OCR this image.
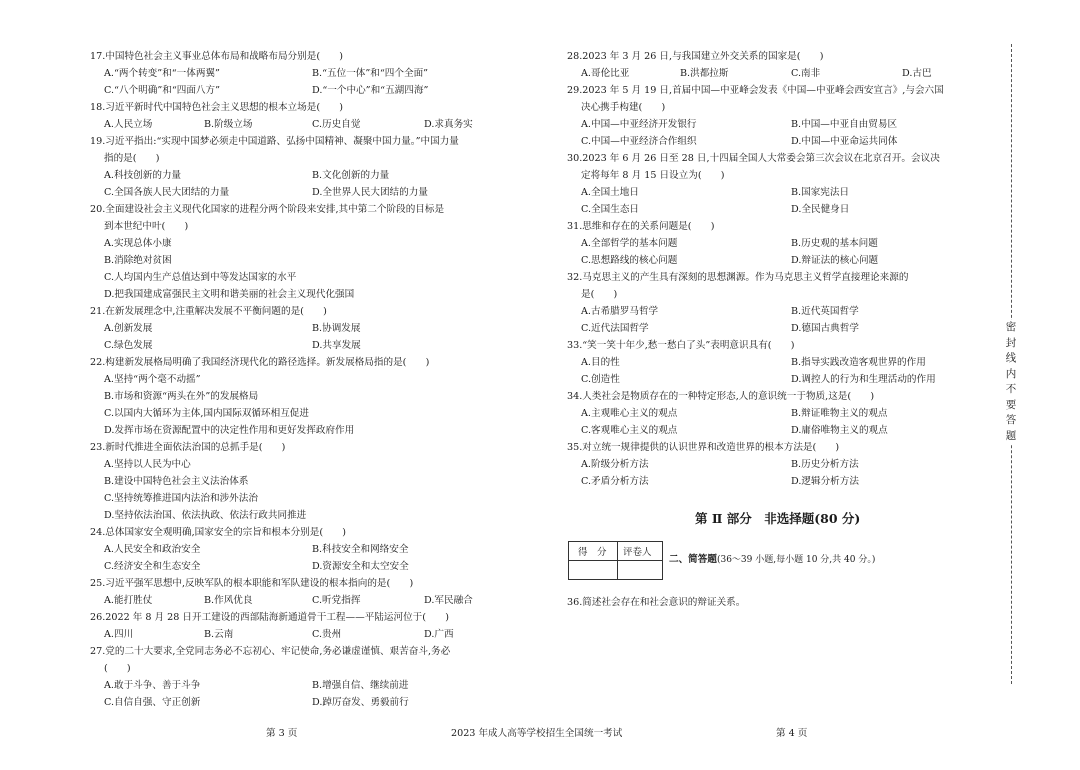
17.中国特色社会主义事业总体布局和战略布局分别是(　　)
A.“两个转变”和“一体两翼”	B.“五位一体”和“四个全面”
C.“八个明确”和“四面八方”	D.“一个中心”和“五湖四海”
18.习近平新时代中国特色社会主义思想的根本立场是(　　)
A.人民立场	B.阶级立场	C.历史自觉	D.求真务实
19.习近平指出:“实现中国梦必须走中国道路、弘扬中国精神、凝聚中国力量。”中国力量
指的是(　　)
A.科技创新的力量	B.文化创新的力量
C.全国各族人民大团结的力量	D.全世界人民大团结的力量
20.全面建设社会主义现代化国家的进程分两个阶段来安排,其中第二个阶段的目标是
到本世纪中叶(　　)
A.实现总体小康
B.消除绝对贫困
C.人均国内生产总值达到中等发达国家的水平
D.把我国建成富强民主文明和谐美丽的社会主义现代化强国
21.在新发展理念中,注重解决发展不平衡问题的是(　　)
A.创新发展	B.协调发展
C.绿色发展	D.共享发展
22.构建新发展格局明确了我国经济现代化的路径选择。新发展格局指的是(　　)
A.坚持“两个毫不动摇”
B.市场和资源“两头在外”的发展格局
C.以国内大循环为主体,国内国际双循环相互促进
D.发挥市场在资源配置中的决定性作用和更好发挥政府作用
23.新时代推进全面依法治国的总抓手是(　　)
A.坚持以人民为中心
B.建设中国特色社会主义法治体系
C.坚持统筹推进国内法治和涉外法治
D.坚持依法治国、依法执政、依法行政共同推进
24.总体国家安全观明确,国家安全的宗旨和根本分别是(　　)
A.人民安全和政治安全	B.科技安全和网络安全
C.经济安全和生态安全	D.资源安全和太空安全
25.习近平强军思想中,反映军队的根本职能和军队建设的根本指向的是(　　)
A.能打胜仗	B.作风优良	C.听党指挥	D.军民融合
26.2022 年 8 月 28 日开工建设的西部陆海新通道骨干工程——平陆运河位于(　　)
A.四川	B.云南	C.贵州	D.广西
27.党的二十大要求,全党同志务必不忘初心、牢记使命,务必谦虚谨慎、艰苦奋斗,务必
(　　)
A.敢于斗争、善于斗争	B.增强自信、继续前进
C.自信自强、守正创新	D.踔厉奋发、勇毅前行
28.2023 年 3 月 26 日,与我国建立外交关系的国家是(　　)
A.哥伦比亚	B.洪都拉斯	C.南非	D.古巴
29.2023 年 5 月 19 日,首届中国—中亚峰会发表《中国—中亚峰会西安宣言》,与会六国
决心携手构建(　　)
A.中国—中亚经济开发银行	B.中国—中亚自由贸易区
C.中国—中亚经济合作组织	D.中国—中亚命运共同体
30.2023 年 6 月 26 日至 28 日,十四届全国人大常委会第三次会议在北京召开。会议决
定将每年 8 月 15 日设立为(　　)
A.全国土地日	B.国家宪法日
C.全国生态日	D.全民健身日
31.思维和存在的关系问题是(　　)
A.全部哲学的基本问题	B.历史观的基本问题
C.思想路线的核心问题	D.辩证法的核心问题
32.马克思主义的产生具有深刻的思想渊源。作为马克思主义哲学直接理论来源的
是(　　)
A.古希腊罗马哲学	B.近代英国哲学
C.近代法国哲学	D.德国古典哲学
33.“笑一笑十年少,愁一愁白了头”表明意识具有(　　)
A.目的性	B.指导实践改造客观世界的作用
C.创造性	D.调控人的行为和生理活动的作用
34.人类社会是物质存在的一种特定形态,人的意识统一于物质,这是(　　)
A.主观唯心主义的观点	B.辩证唯物主义的观点
C.客观唯心主义的观点	D.庸俗唯物主义的观点
35.对立统一规律提供的认识世界和改造世界的根本方法是(　　)
A.阶级分析方法	B.历史分析方法
C.矛盾分析方法	D.逻辑分析方法
第 Ⅱ 部分　非选择题(80 分)
得　分 评卷人
二、简答题(36～39 小题,每小题 10 分,共 40 分。)
36.简述社会存在和社会意识的辩证关系。
密封线内不要答题
第 3 页	2023 年成人高等学校招生全国统一考试	第 4 页
